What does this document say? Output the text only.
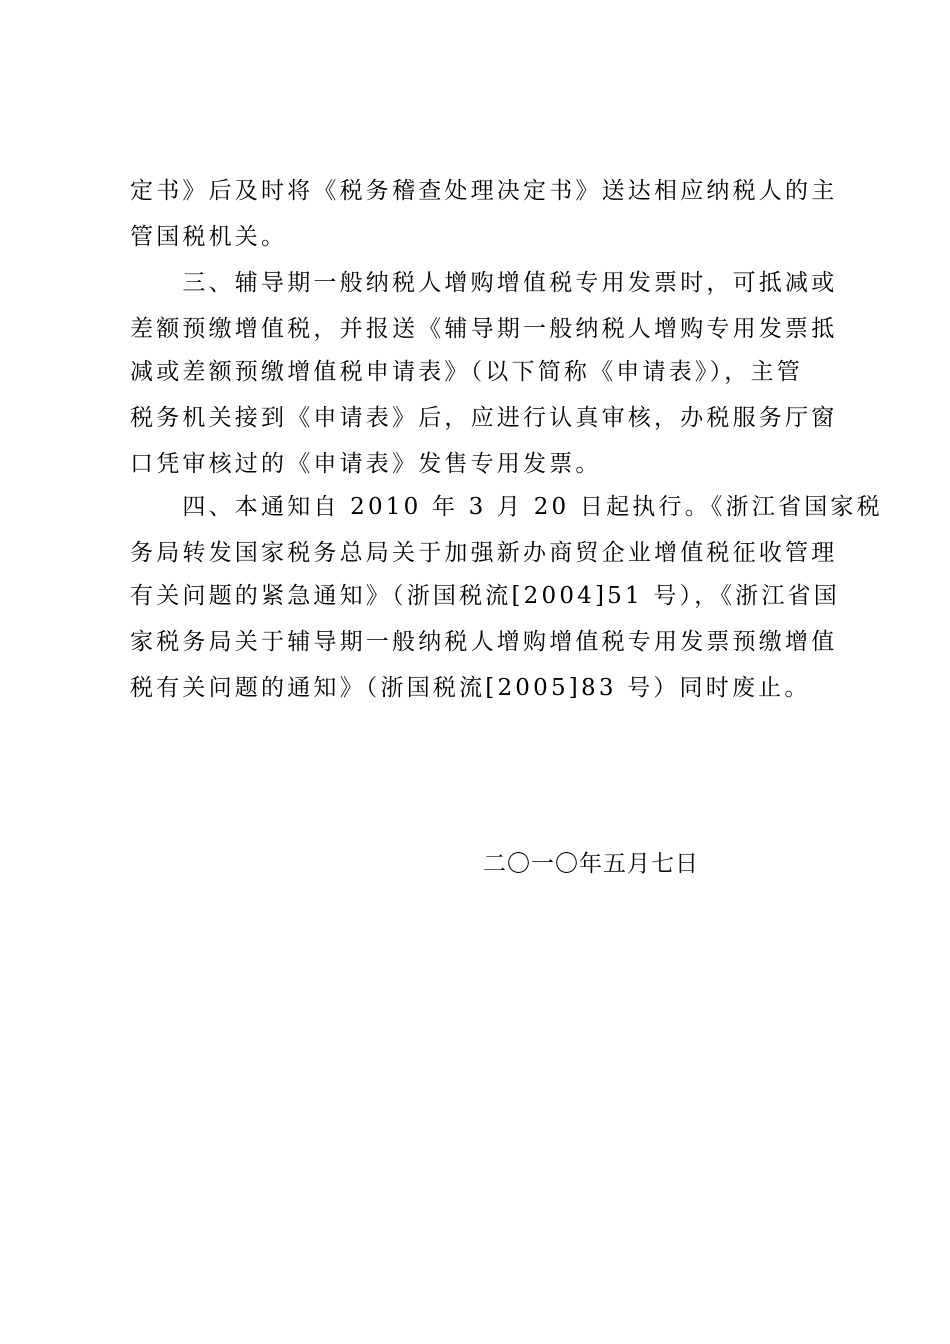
定书》后及时将《税务稽查处理决定书》送达相应纳税人的主
管国税机关。
　　三、辅导期一般纳税人增购增值税专用发票时，可抵减或
差额预缴增值税，并报送《辅导期一般纳税人增购专用发票抵
减或差额预缴增值税申请表》（以下简称《申请表》），主管
税务机关接到《申请表》后，应进行认真审核，办税服务厅窗
口凭审核过的《申请表》发售专用发票。
　　四、本通知自 2010 年 3 月 20 日起执行。《浙江省国家税
务局转发国家税务总局关于加强新办商贸企业增值税征收管理
有关问题的紧急通知》（浙国税流[2004]51 号），《浙江省国
家税务局关于辅导期一般纳税人增购增值税专用发票预缴增值
税有关问题的通知》（浙国税流[2005]83 号）同时废止。
二〇一〇年五月七日
